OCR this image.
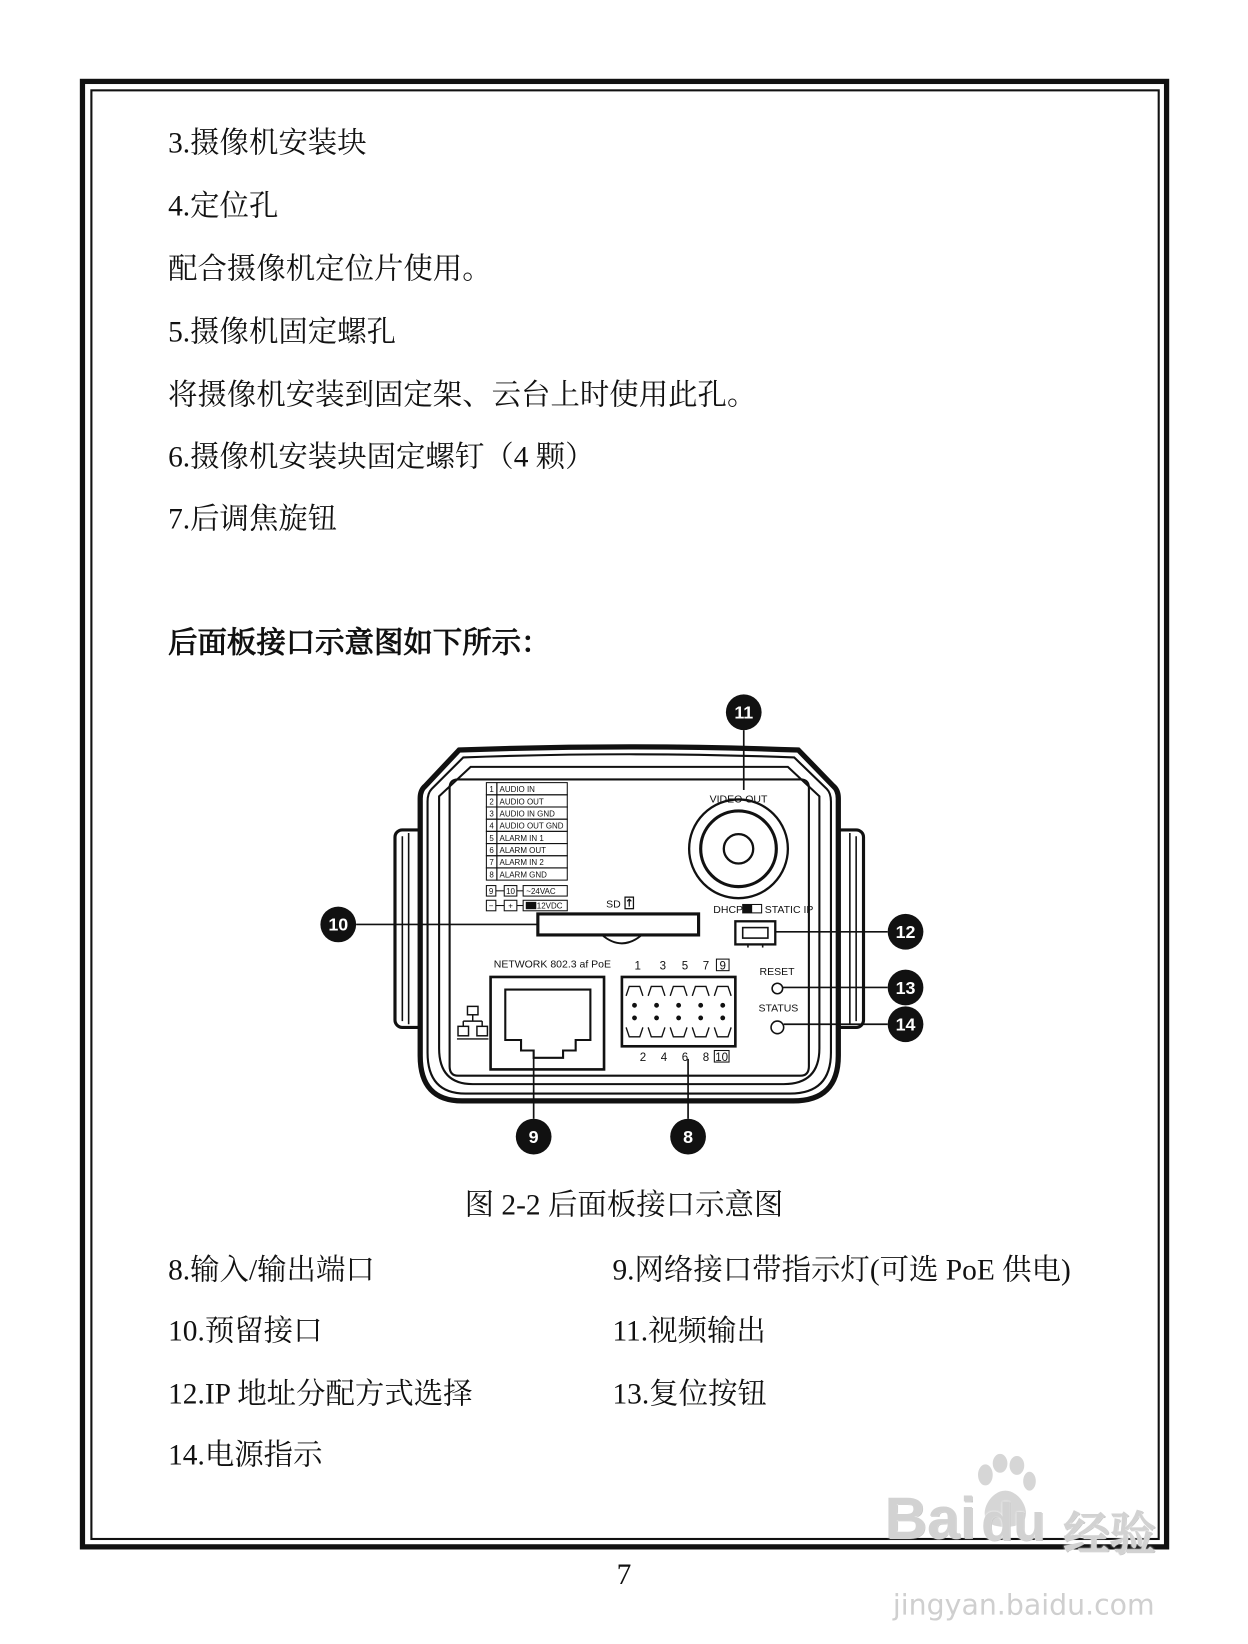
3.摄像机安装块
4.定位孔
配合摄像机定位片使用。
5.摄像机固定螺孔
将摄像机安装到固定架、云台上时使用此孔。
6.摄像机安装块固定螺钉（4 颗）
7.后调焦旋钮
后面板接口示意图如下所示：
1 AUDIO IN
2 AUDIO OUT
3 AUDIO IN GND
4 AUDIO OUT GND
5 ALARM IN 1
6 ALARM OUT
7 ALARM IN 2
8 ALARM GND
9 10 ~24VAC
− +	12VDC
VIDEO OUT
SD	DHCP STATIC IP
NETWORK 802.3 af PoE 1 3 5 7 9
2 4 6 8 10
RESET
STATUS
11
10	12
13
14
9	8
图 2-2 后面板接口示意图
8.输入/输出端口	9.网络接口带指示灯(可选 PoE 供电)
10.预留接口	11.视频输出
12.IP 地址分配方式选择	13.复位按钮
14.电源指示
7
Bai du 经验
jingyan.baidu.com
